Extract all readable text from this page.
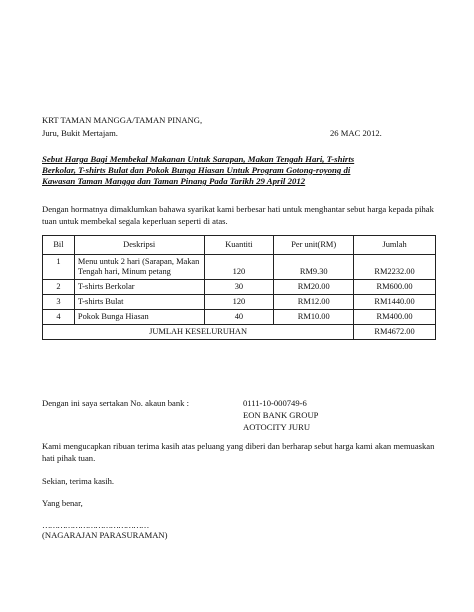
KRT TAMAN MANGGA/TAMAN PINANG,
Juru, Bukit Mertajam.	26 MAC 2012.
Sebut Harga Bagi Membekal Makanan Untuk Sarapan, Makan Tengah Hari, T-shirts
Berkolar, T-shirts Bulat dan Pokok Bunga Hiasan Untuk Program Gotong-royong di
Kawasan Taman Mangga dan Taman Pinang Pada Tarikh 29 April 2012
Dengan hormatnya dimaklumkan bahawa syarikat kami berbesar hati untuk menghantar sebut harga kepada pihak tuan untuk membekal segala keperluan seperti di atas.
Bil	Deskripsi	Kuantiti	Per unit(RM)	Jumlah
1	Menu untuk 2 hari (Sarapan, Makan Tengah hari, Minum petang	120	RM9.30	RM2232.00
2	T-shirts Berkolar	30	RM20.00	RM600.00
3	T-shirts Bulat	120	RM12.00	RM1440.00
4	Pokok Bunga Hiasan	40	RM10.00	RM400.00
JUMLAH KESELURUHAN				RM4672.00
Dengan ini saya sertakan No. akaun bank :	0111-10-000749-6
EON BANK GROUP
AOTOCITY JURU
Kami mengucapkan ribuan terima kasih atas peluang yang diberi dan berharap sebut harga kami akan memuaskan hati pihak tuan.
Sekian, terima kasih.
Yang benar,
……………………………………
(NAGARAJAN PARASURAMAN)
